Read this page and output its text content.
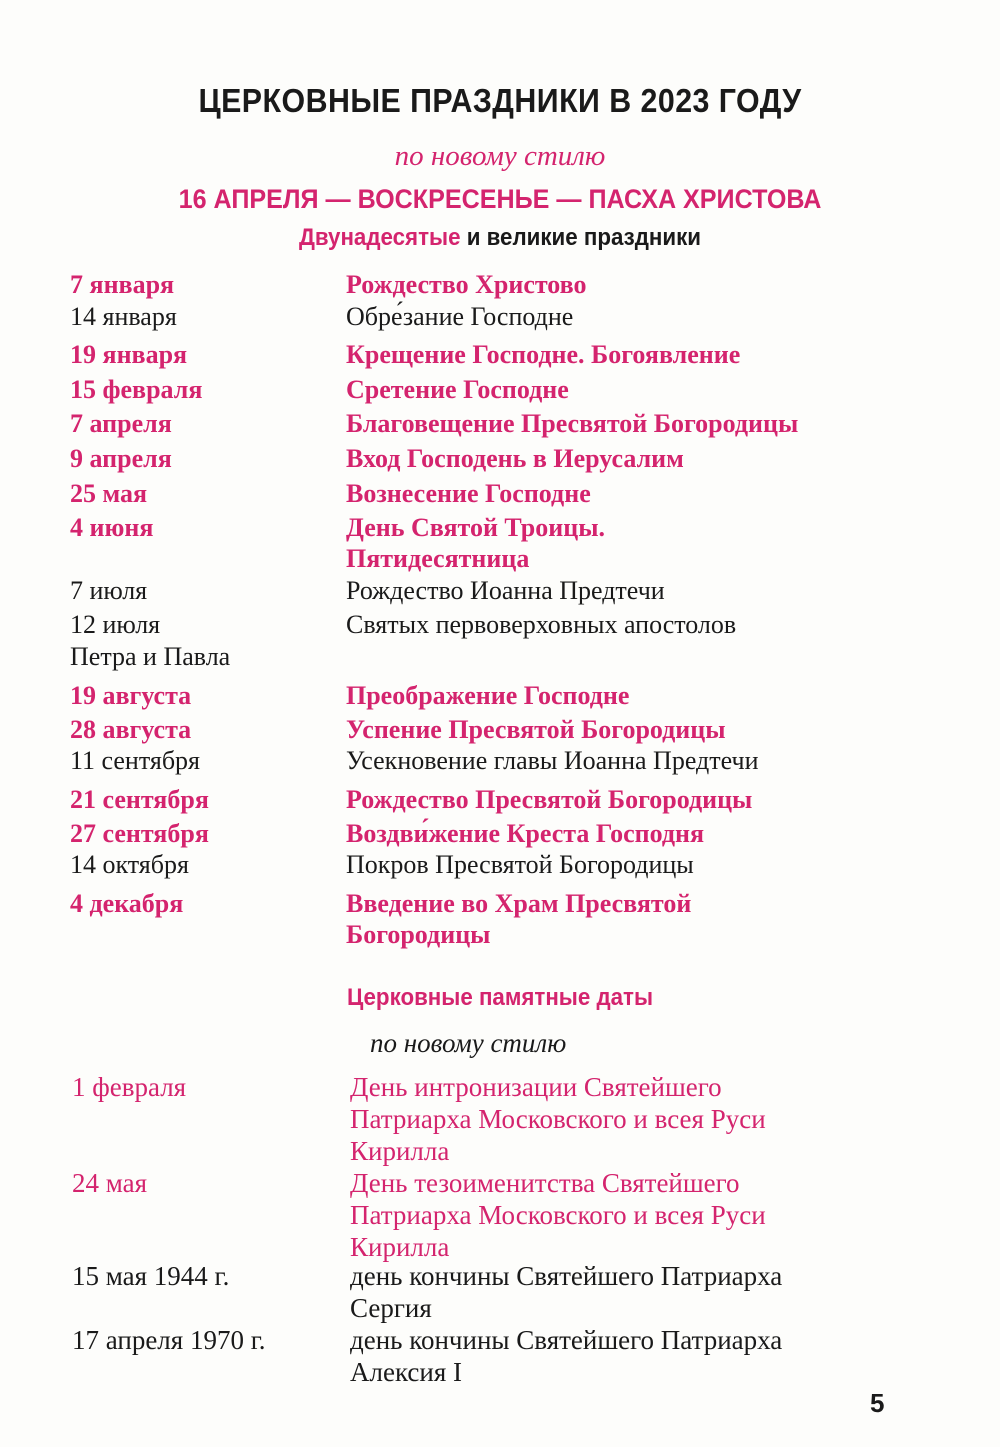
ЦЕРКОВНЫЕ ПРАЗДНИКИ В 2023 ГОДУ
по новому стилю
16 АПРЕЛЯ — ВОСКРЕСЕНЬЕ — ПАСХА ХРИСТОВА
Двунадесятые и великие праздники
7 января	Рождество Христово
14 января	Обре́зание Господне
19 января	Крещение Господне. Богоявление
15 февраля	Сретение Господне
7 апреля	Благовещение Пресвятой Богородицы
9 апреля	Вход Господень в Иерусалим
25 мая	Вознесение Господне
4 июня	День Святой Троицы.
Пятидесятница
7 июля	Рождество Иоанна Предтечи
12 июля	Святых первоверховных апостолов
Петра и Павла
19 августа	Преображение Господне
28 августа	Успение Пресвятой Богородицы
11 сентября	Усекновение главы Иоанна Предтечи
21 сентября	Рождество Пресвятой Богородицы
27 сентября	Воздви́жение Креста Господня
14 октября	Покров Пресвятой Богородицы
4 декабря	Введение во Храм Пресвятой
Богородицы
Церковные памятные даты
по новому стилю
1 февраля	День интронизации Святейшего
Патриарха Московского и всея Руси
Кирилла
24 мая	День тезоименитства Святейшего
Патриарха Московского и всея Руси
Кирилла
15 мая 1944 г.	день кончины Святейшего Патриарха
Сергия
17 апреля 1970 г.	день кончины Святейшего Патриарха
Алексия I
5
